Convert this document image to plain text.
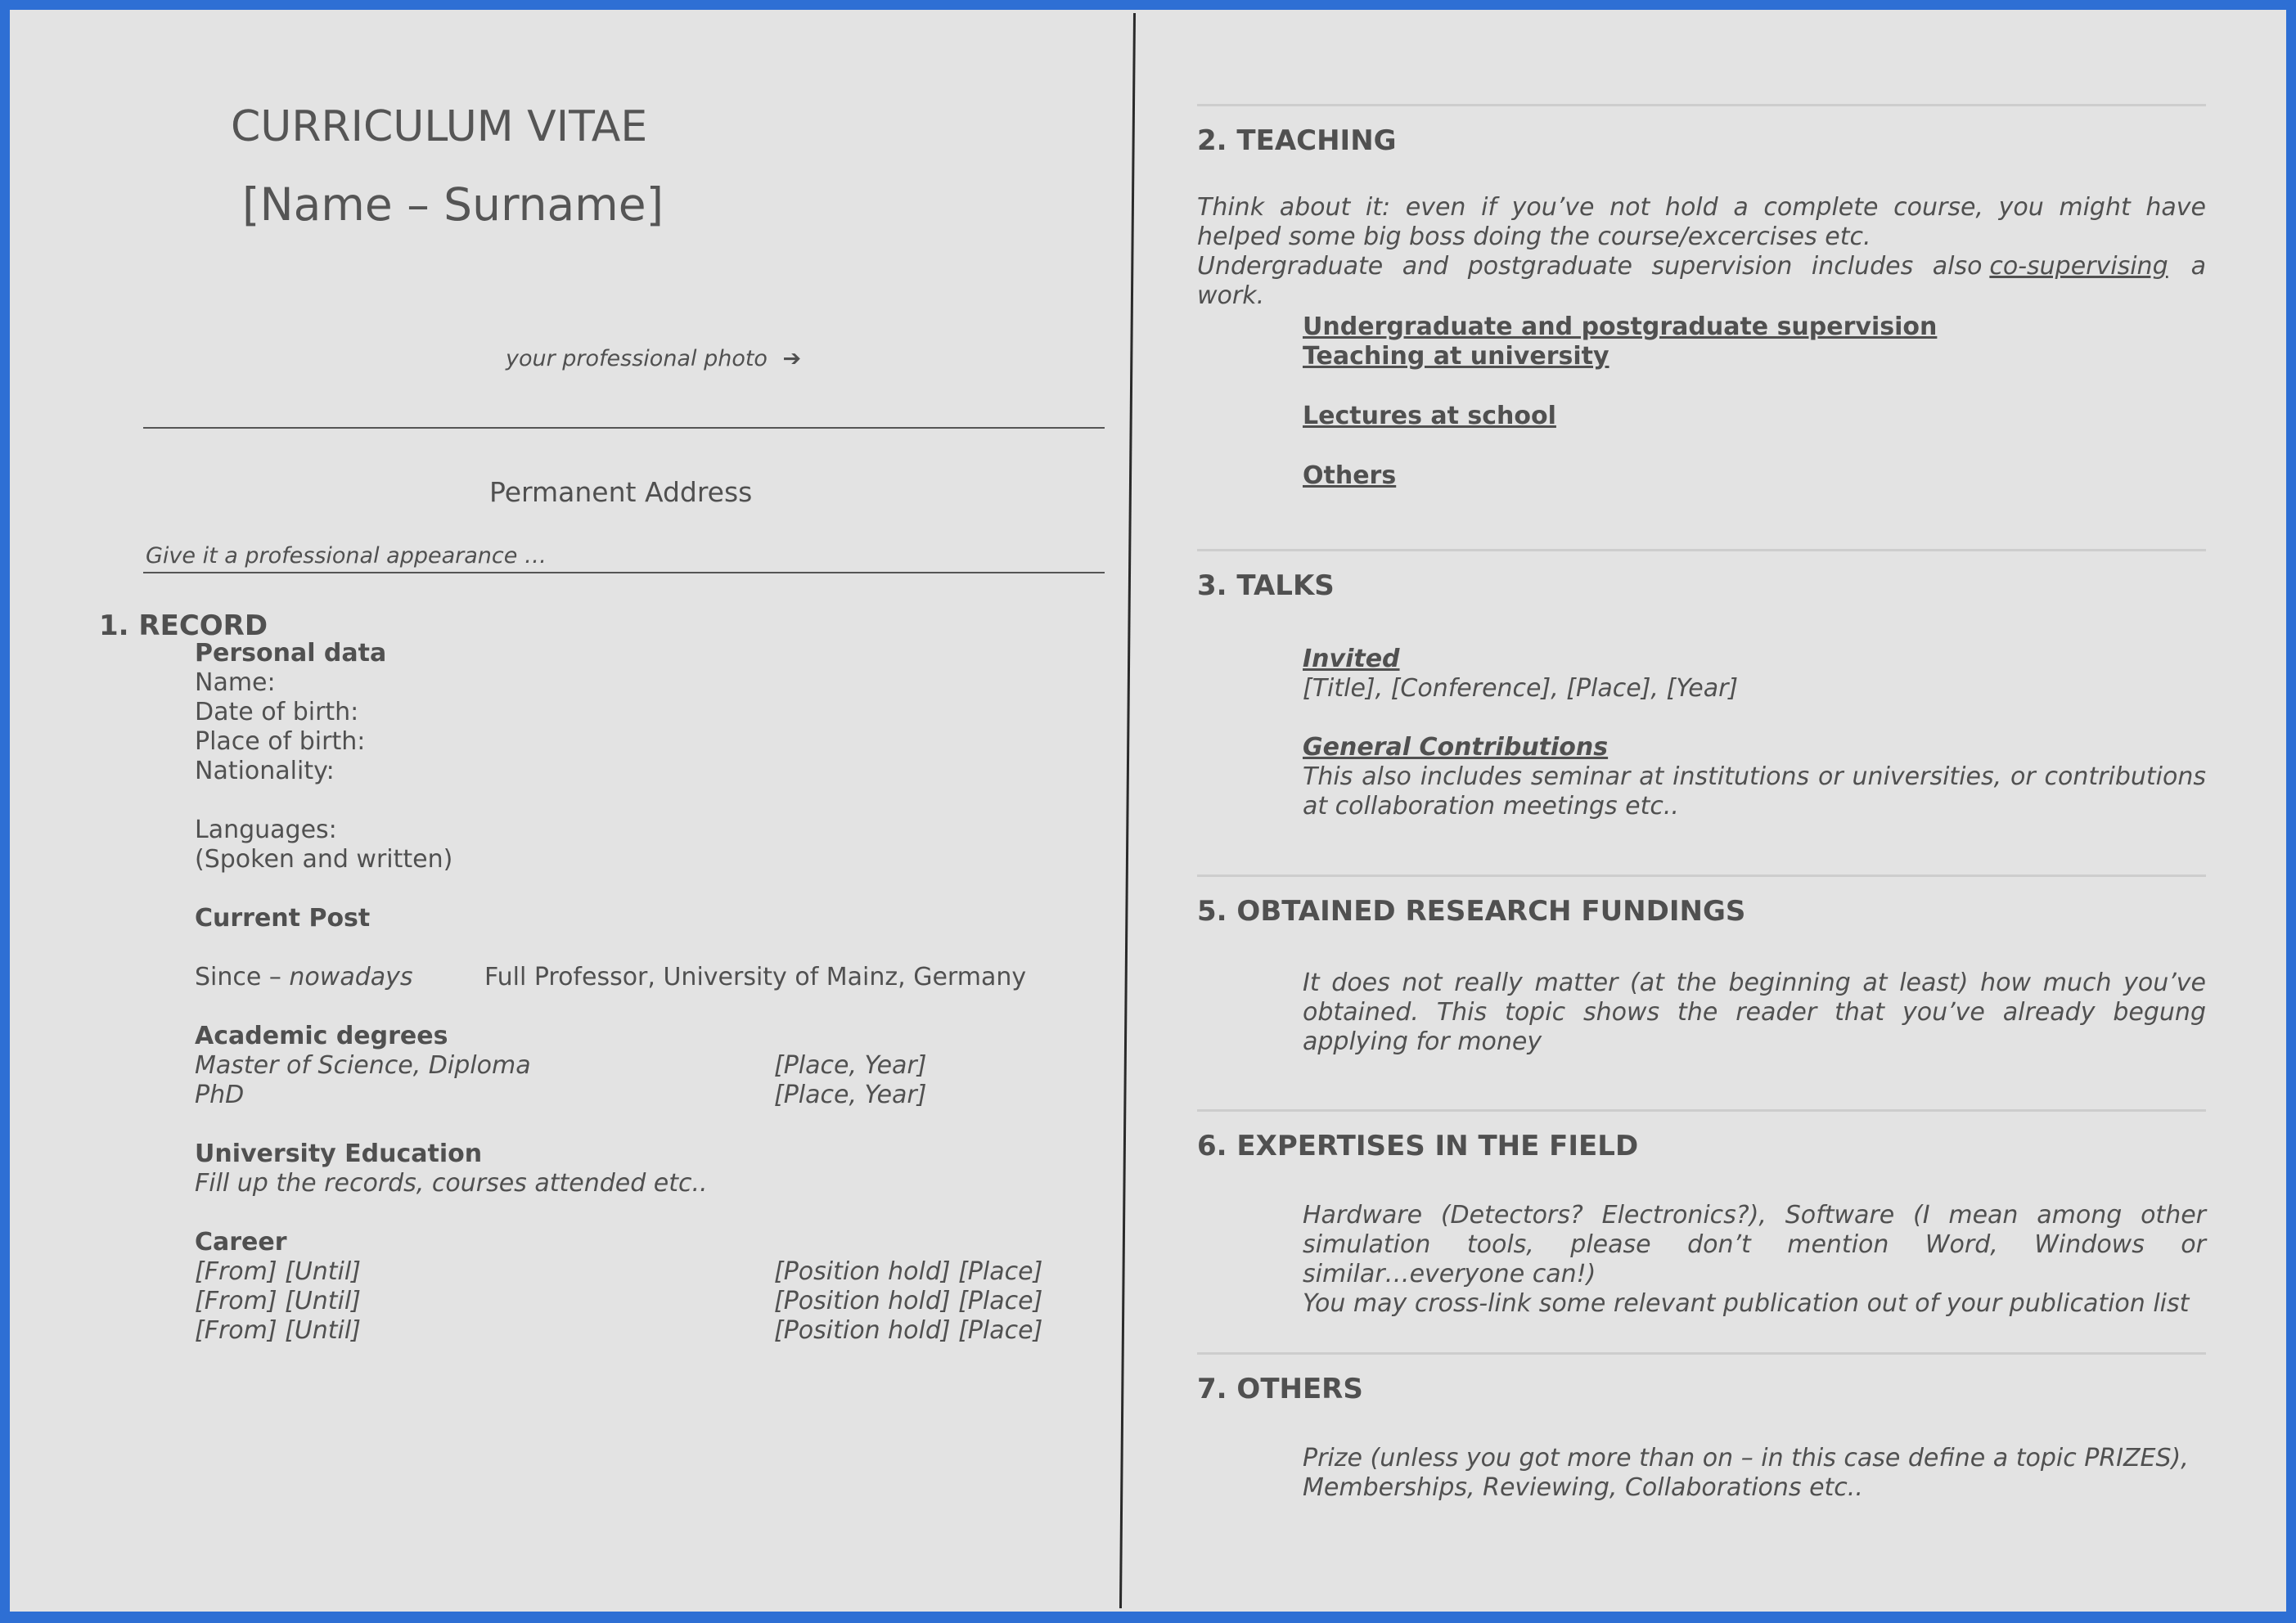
CURRICULUM VITAE
[Name – Surname]
your professional photo ➔
Permanent Address
Give it a professional appearance …
1. RECORD
Personal data
Name:
Date of birth:
Place of birth:
Nationality:
Languages:
(Spoken and written)
Current Post
Since – nowadays	Full Professor, University of Mainz, Germany
Academic degrees
Master of Science, Diploma	[Place, Year]
PhD	[Place, Year]
University Education
Fill up the records, courses attended etc..
Career
[From] [Until]	[Position hold] [Place]
[From] [Until]	[Position hold] [Place]
[From] [Until]	[Position hold] [Place]
2. TEACHING
Think about it: even if you’ve not hold a complete course, you might have
helped some big boss doing the course/excercises etc.
Undergraduate and postgraduate supervision includes also co-supervising a
work.
Undergraduate and postgraduate supervision
Teaching at university
Lectures at school
Others
3. TALKS
Invited
[Title], [Conference], [Place], [Year]
General Contributions
This also includes seminar at institutions or universities, or contributions
at collaboration meetings etc..
5. OBTAINED RESEARCH FUNDINGS
It does not really matter (at the beginning at least) how much you’ve
obtained. This topic shows the reader that you’ve already begung
applying for money
6. EXPERTISES IN THE FIELD
Hardware (Detectors? Electronics?), Software (I mean among other
simulation tools, please don’t mention Word, Windows or
similar…everyone can!)
You may cross-link some relevant publication out of your publication list
7. OTHERS
Prize (unless you got more than on – in this case define a topic PRIZES),
Memberships, Reviewing, Collaborations etc..
